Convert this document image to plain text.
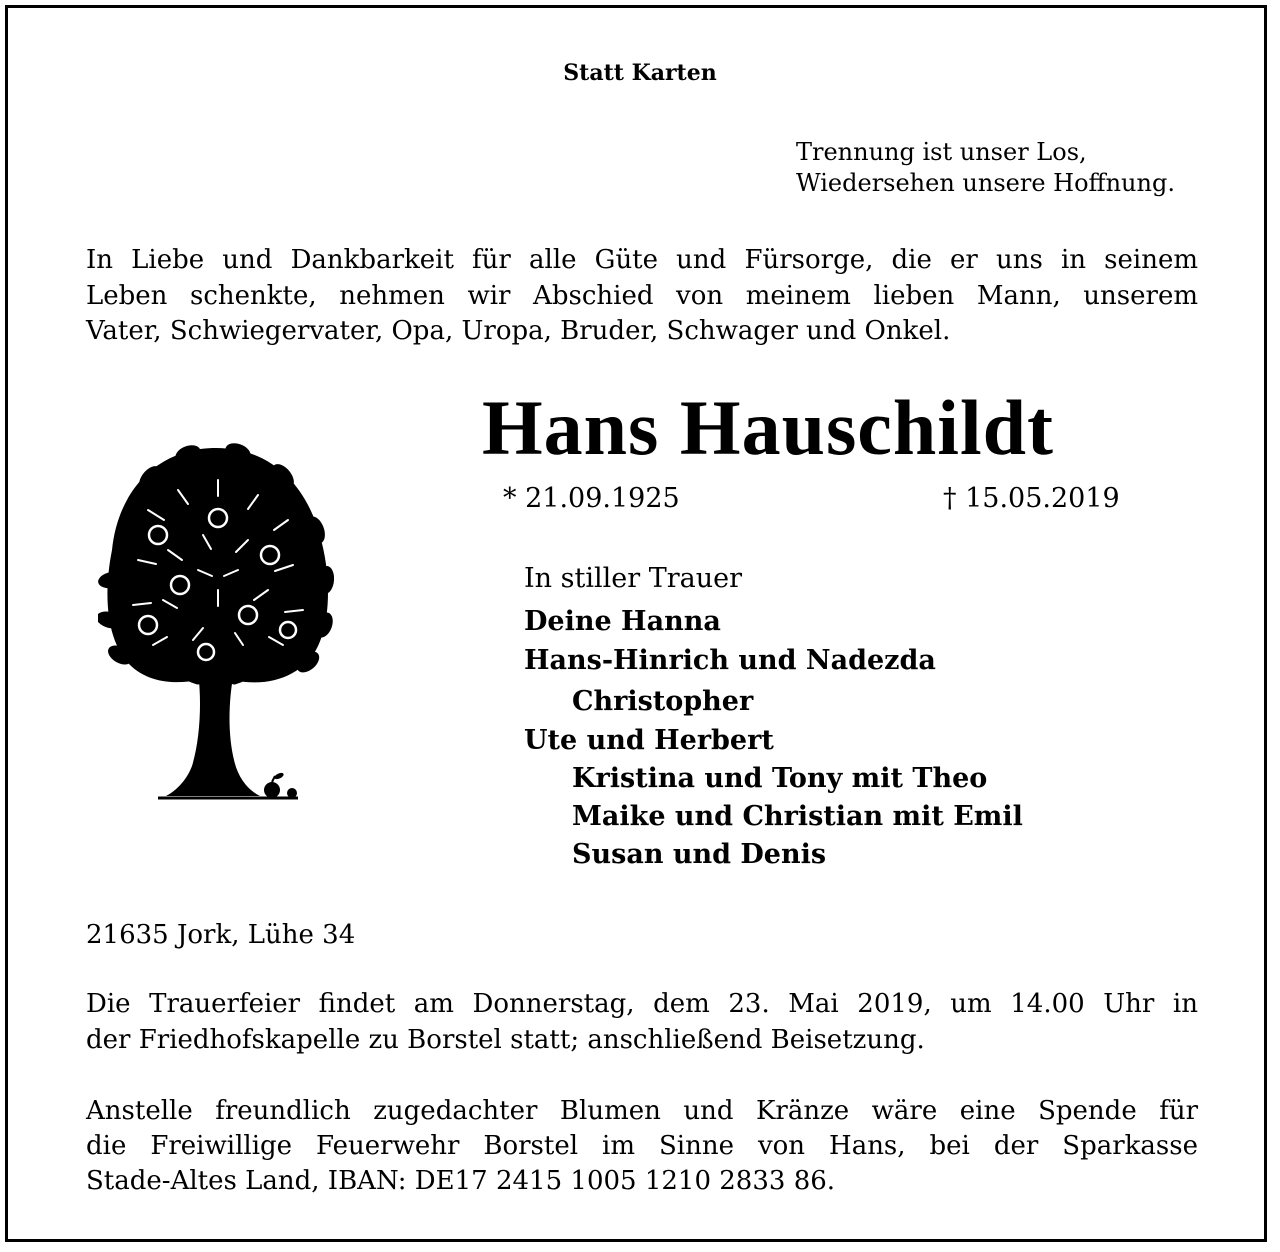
Statt Karten
Trennung ist unser Los,
Wiedersehen unsere Hoffnung.
In Liebe und Dankbarkeit für alle Güte und Fürsorge, die er uns in seinem
Leben schenkte, nehmen wir Abschied von meinem lieben Mann, unserem
Vater, Schwiegervater, Opa, Uropa, Bruder, Schwager und Onkel.
Hans Hauschildt
* 21.09.1925	† 15.05.2019
In stiller Trauer
Deine Hanna
Hans-Hinrich und Nadezda
Christopher
Ute und Herbert
Kristina und Tony mit Theo
Maike und Christian mit Emil
Susan und Denis
21635 Jork, Lühe 34
Die Trauerfeier findet am Donnerstag, dem 23. Mai 2019, um 14.00 Uhr in
der Friedhofskapelle zu Borstel statt; anschließend Beisetzung.
Anstelle freundlich zugedachter Blumen und Kränze wäre eine Spende für
die Freiwillige Feuerwehr Borstel im Sinne von Hans, bei der Sparkasse
Stade-Altes Land, IBAN: DE17 2415 1005 1210 2833 86.
